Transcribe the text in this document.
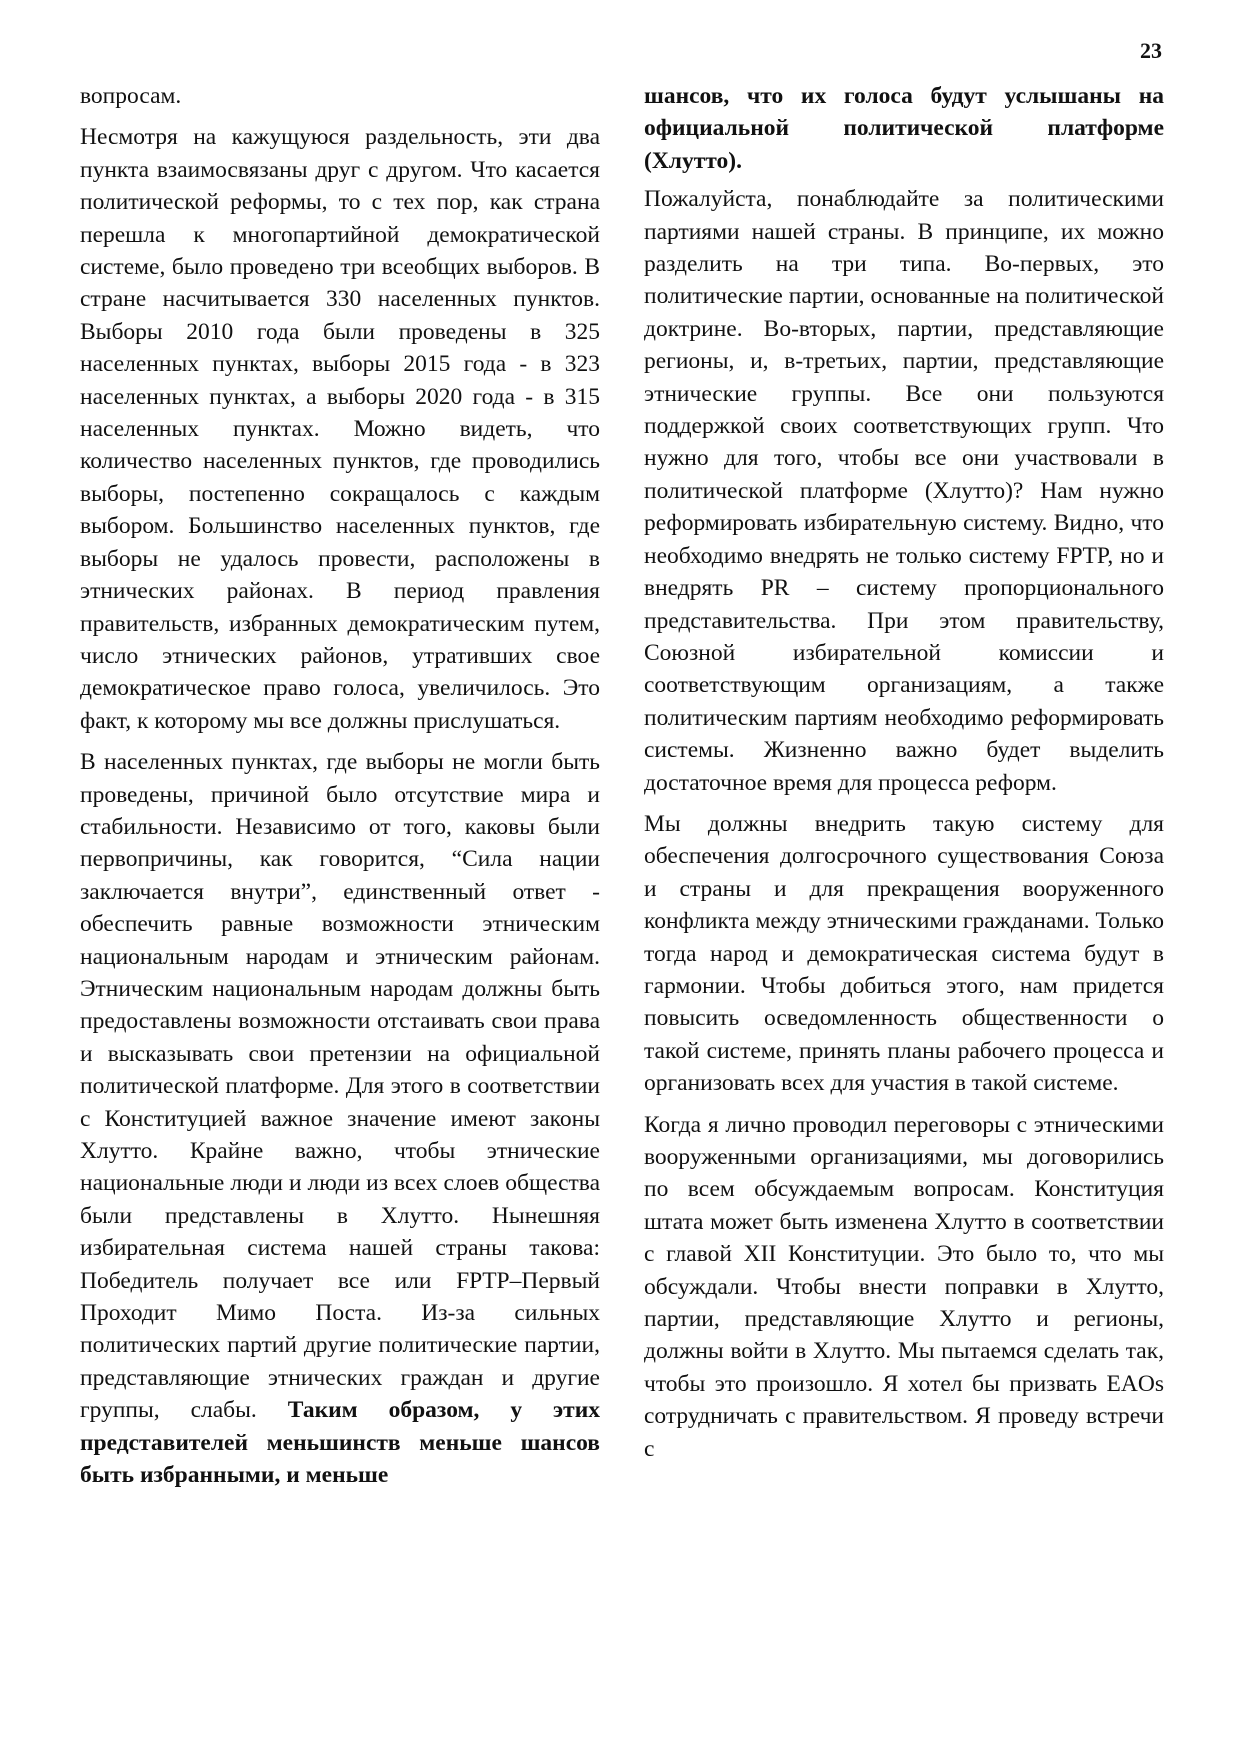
23

вопросам.

Несмотря на кажущуюся раздельность, эти два пункта взаимосвязаны друг с другом. Что касается политической реформы, то с тех пор, как страна перешла к многопартийной демократической системе, было проведено три всеобщих выборов. В стране насчитывается 330 населенных пунктов. Выборы 2010 года были проведены в 325 населенных пунктах, выборы 2015 года - в 323 населенных пунктах, а выборы 2020 года - в 315 населенных пунктах. Можно видеть, что количество населенных пунктов, где проводились выборы, постепенно сокращалось с каждым выбором. Большинство населенных пунктов, где выборы не удалось провести, расположены в этнических районах. В период правления правительств, избранных демократическим путем, число этнических районов, утративших свое демократическое право голоса, увеличилось. Это факт, к которому мы все должны прислушаться.

В населенных пунктах, где выборы не могли быть проведены, причиной было отсутствие мира и стабильности. Независимо от того, каковы были первопричины, как говорится, “Сила нации заключается внутри”, единственный ответ - обеспечить равные возможности этническим национальным народам и этническим районам. Этническим национальным народам должны быть предоставлены возможности отстаивать свои права и высказывать свои претензии на официальной политической платформе. Для этого в соответствии с Конституцией важное значение имеют законы Хлутто. Крайне важно, чтобы этнические национальные люди и люди из всех слоев общества были представлены в Хлутто. Нынешняя избирательная система нашей страны такова: Победитель получает все или FPTP–Первый Проходит Мимо Поста. Из-за сильных политических партий другие политические партии, представляющие этнических граждан и другие группы, слабы. Таким образом, у этих представителей меньшинств меньше шансов быть избранными, и меньше

шансов, что их голоса будут услышаны на официальной политической платформе (Хлутто).

Пожалуйста, понаблюдайте за политическими партиями нашей страны. В принципе, их можно разделить на три типа. Во-первых, это политические партии, основанные на политической доктрине. Во-вторых, партии, представляющие регионы, и, в-третьих, партии, представляющие этнические группы. Все они пользуются поддержкой своих соответствующих групп. Что нужно для того, чтобы все они участвовали в политической платформе (Хлутто)? Нам нужно реформировать избирательную систему. Видно, что необходимо внедрять не только систему FPTP, но и внедрять PR – систему пропорционального представительства. При этом правительству, Союзной избирательной комиссии и соответствующим организациям, а также политическим партиям необходимо реформировать системы. Жизненно важно будет выделить достаточное время для процесса реформ.

Мы должны внедрить такую систему для обеспечения долгосрочного существования Союза и страны и для прекращения вооруженного конфликта между этническими гражданами. Только тогда народ и демократическая система будут в гармонии. Чтобы добиться этого, нам придется повысить осведомленность общественности о такой системе, принять планы рабочего процесса и организовать всех для участия в такой системе.

Когда я лично проводил переговоры с этническими вооруженными организациями, мы договорились по всем обсуждаемым вопросам. Конституция штата может быть изменена Хлутто в соответствии с главой XII Конституции. Это было то, что мы обсуждали. Чтобы внести поправки в Хлутто, партии, представляющие Хлутто и регионы, должны войти в Хлутто. Мы пытаемся сделать так, чтобы это произошло. Я хотел бы призвать EAOs сотрудничать с правительством. Я проведу встречи с
